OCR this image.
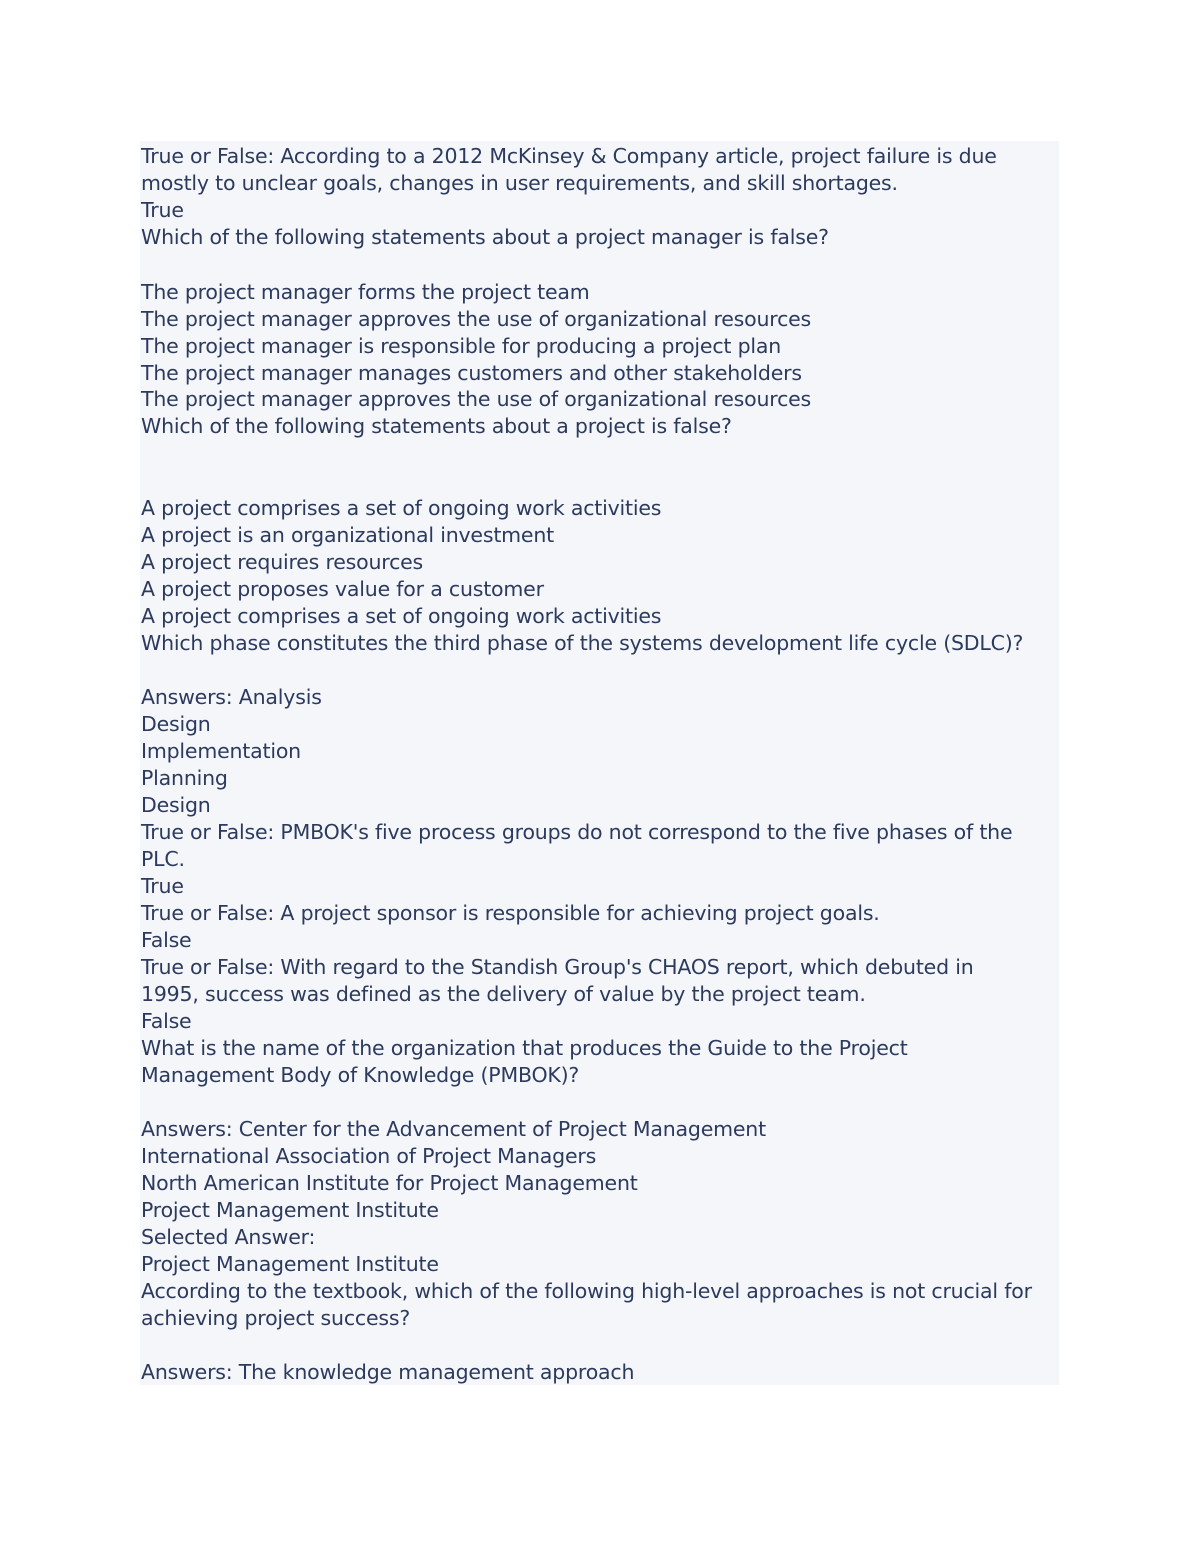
True or False: According to a 2012 McKinsey & Company article, project failure is due
mostly to unclear goals, changes in user requirements, and skill shortages.
True
Which of the following statements about a project manager is false?
The project manager forms the project team
The project manager approves the use of organizational resources
The project manager is responsible for producing a project plan
The project manager manages customers and other stakeholders
The project manager approves the use of organizational resources
Which of the following statements about a project is false?
A project comprises a set of ongoing work activities
A project is an organizational investment
A project requires resources
A project proposes value for a customer
A project comprises a set of ongoing work activities
Which phase constitutes the third phase of the systems development life cycle (SDLC)?
Answers: Analysis
Design
Implementation
Planning
Design
True or False: PMBOK's five process groups do not correspond to the five phases of the
PLC.
True
True or False: A project sponsor is responsible for achieving project goals.
False
True or False: With regard to the Standish Group's CHAOS report, which debuted in
1995, success was defined as the delivery of value by the project team.
False
What is the name of the organization that produces the Guide to the Project
Management Body of Knowledge (PMBOK)?
Answers: Center for the Advancement of Project Management
International Association of Project Managers
North American Institute for Project Management
Project Management Institute
Selected Answer:
Project Management Institute
According to the textbook, which of the following high-level approaches is not crucial for
achieving project success?
Answers: The knowledge management approach
